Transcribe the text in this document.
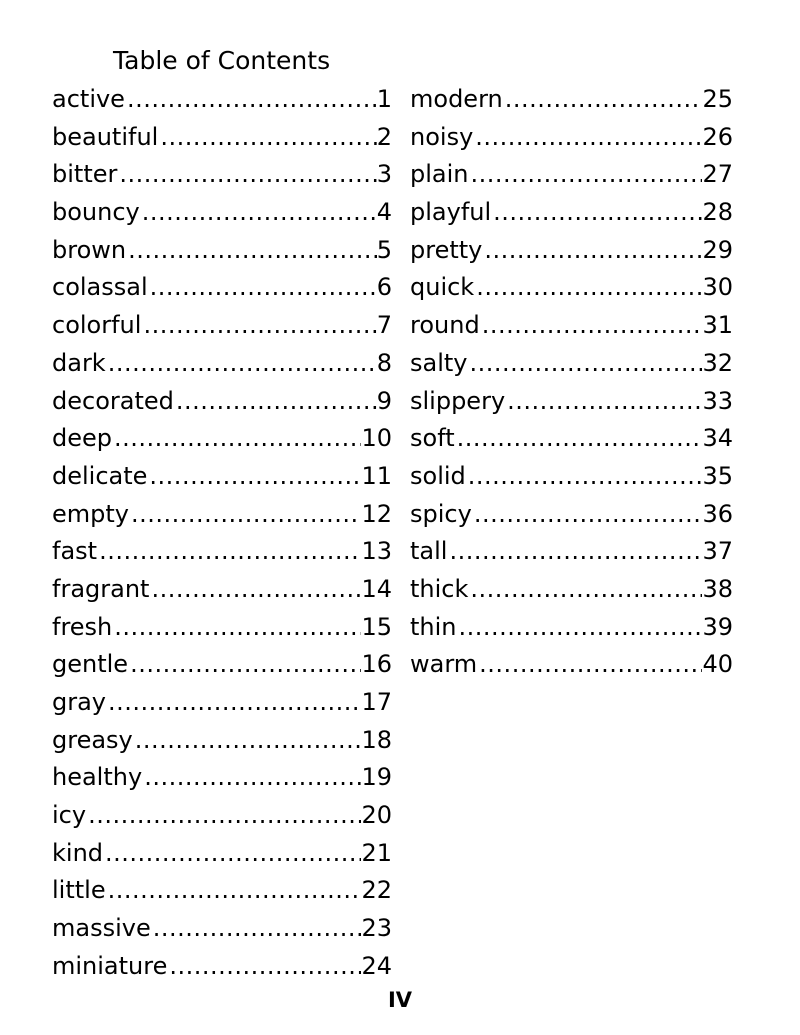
Table of Contents
active .....	1
beautiful .....	2
bitter .....	3
bouncy .....	4
brown .....	5
colassal .....	6
colorful .....	7
dark .....	8
decorated .....	9
deep .....	10
delicate .....	11
empty .....	12
fast .....	13
fragrant .....	14
fresh .....	15
gentle .....	16
gray .....	17
greasy .....	18
healthy .....	19
icy .....	20
kind .....	21
little .....	22
massive .....	23
miniature .....	24
modern .....	25
noisy .....	26
plain .....	27
playful .....	28
pretty .....	29
quick .....	30
round .....	31
salty .....	32
slippery .....	33
soft .....	34
solid .....	35
spicy .....	36
tall .....	37
thick .....	38
thin .....	39
warm .....	40
IV
